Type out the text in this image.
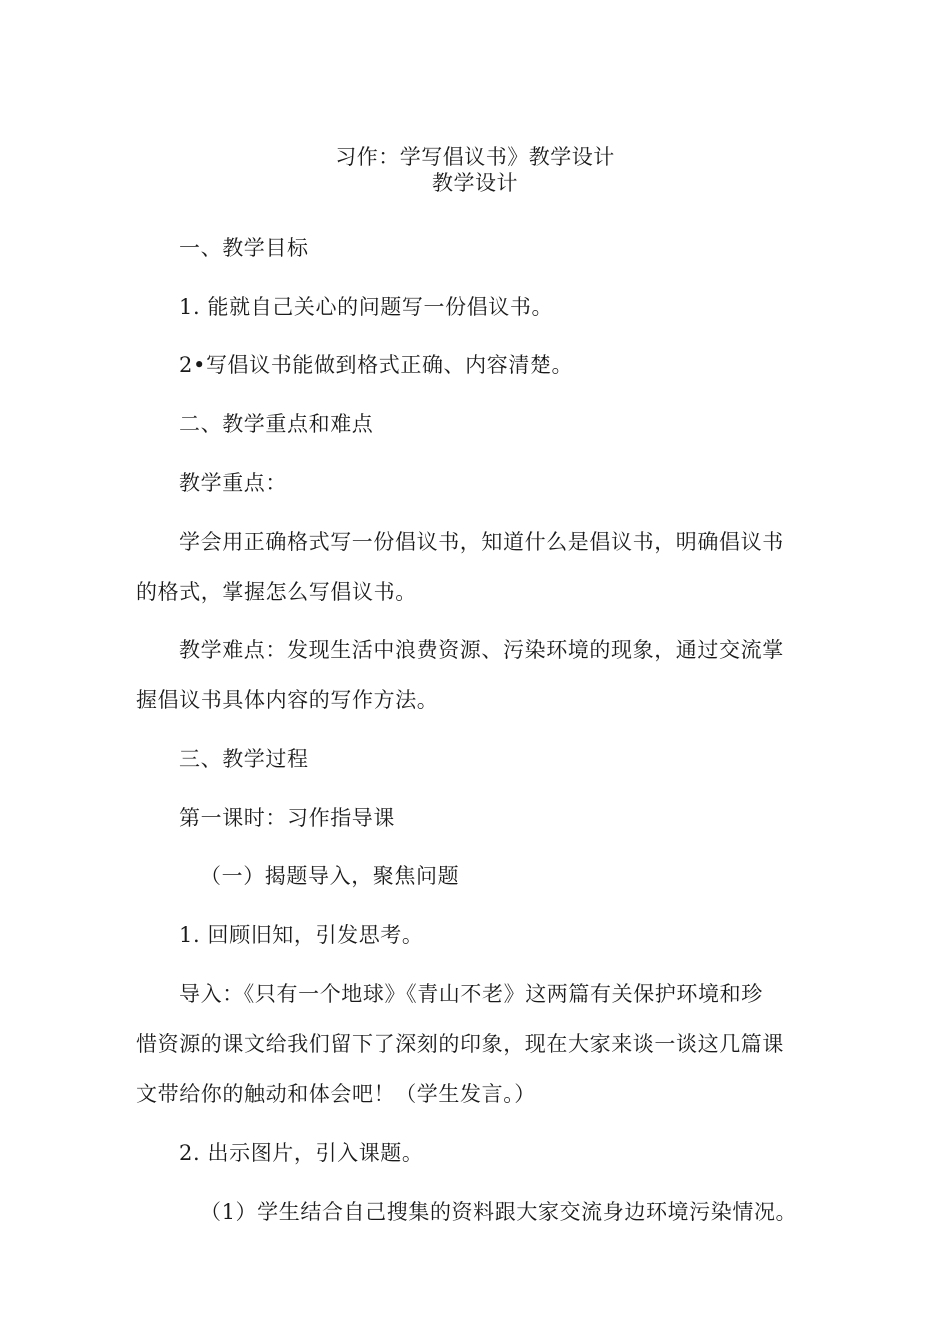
习作：学写倡议书》教学设计
教学设计
一、教学目标
1. 能就自己关心的问题写一份倡议书。
2•写倡议书能做到格式正确、内容清楚。
二、教学重点和难点
教学重点：
学会用正确格式写一份倡议书，知道什么是倡议书，明确倡议书
的格式，掌握怎么写倡议书。
教学难点：发现生活中浪费资源、污染环境的现象，通过交流掌
握倡议书具体内容的写作方法。
三、教学过程
第一课时：习作指导课
（一）揭题导入，聚焦问题
1. 回顾旧知，引发思考。
导入：《只有一个地球》《青山不老》这两篇有关保护环境和珍
惜资源的课文给我们留下了深刻的印象，现在大家来谈一谈这几篇课
文带给你的触动和体会吧！（学生发言。）
2. 出示图片，引入课题。
（1）学生结合自己搜集的资料跟大家交流身边环境污染情况。
